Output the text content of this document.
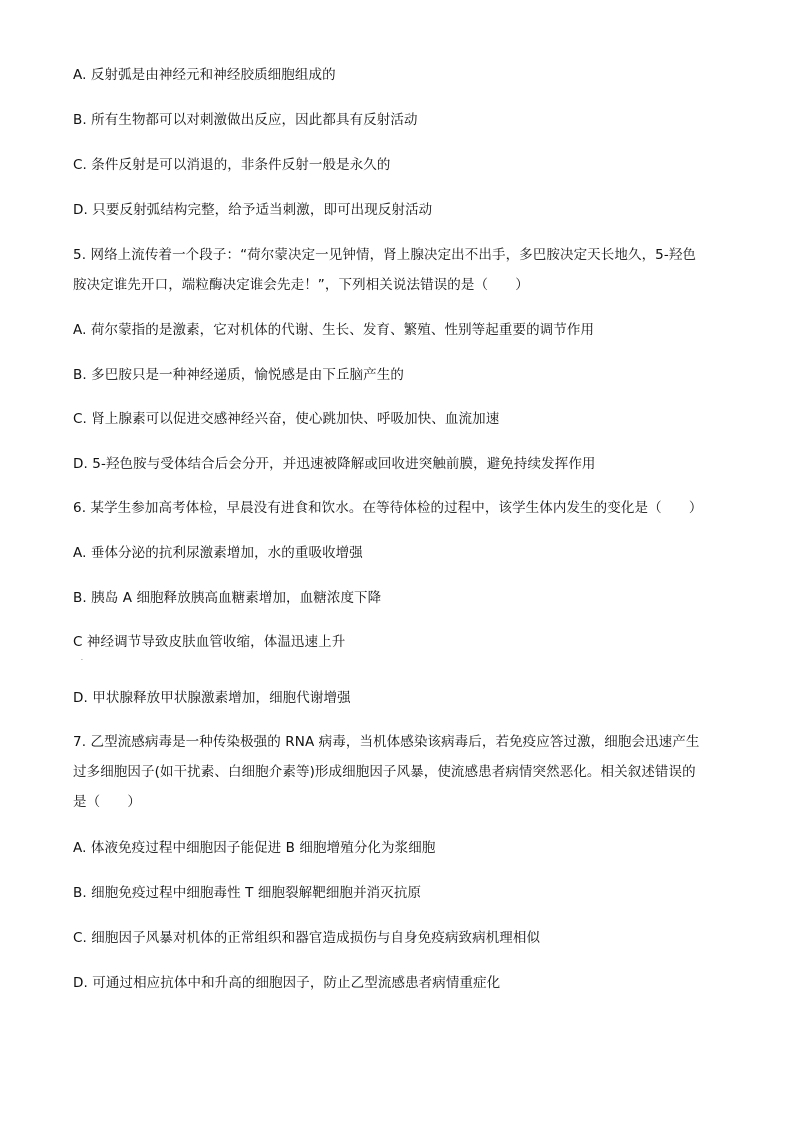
A. 反射弧是由神经元和神经胶质细胞组成的
B. 所有生物都可以对刺激做出反应，因此都具有反射活动
C. 条件反射是可以消退的，非条件反射一般是永久的
D. 只要反射弧结构完整，给予适当刺激，即可出现反射活动
5. 网络上流传着一个段子：“荷尔蒙决定一见钟情，肾上腺决定出不出手，多巴胺决定天长地久，5-羟色
胺决定谁先开口，端粒酶决定谁会先走！”，下列相关说法错误的是（　　）
A. 荷尔蒙指的是激素，它对机体的代谢、生长、发育、繁殖、性别等起重要的调节作用
B. 多巴胺只是一种神经递质，愉悦感是由下丘脑产生的
C. 肾上腺素可以促进交感神经兴奋，使心跳加快、呼吸加快、血流加速
D. 5-羟色胺与受体结合后会分开，并迅速被降解或回收进突触前膜，避免持续发挥作用
6. 某学生参加高考体检，早晨没有进食和饮水。在等待体检的过程中，该学生体内发生的变化是（　　）
A. 垂体分泌的抗利尿激素增加，水的重吸收增强
B. 胰岛 A 细胞释放胰高血糖素增加，血糖浓度下降
C 神经调节导致皮肤血管收缩，体温迅速上升
.
D. 甲状腺释放甲状腺激素增加，细胞代谢增强
7. 乙型流感病毒是一种传染极强的 RNA 病毒，当机体感染该病毒后，若免疫应答过激，细胞会迅速产生
过多细胞因子(如干扰素、白细胞介素等)形成细胞因子风暴，使流感患者病情突然恶化。相关叙述错误的
是（　　）
A. 体液免疫过程中细胞因子能促进 B 细胞增殖分化为浆细胞
B. 细胞免疫过程中细胞毒性 T 细胞裂解靶细胞并消灭抗原
C. 细胞因子风暴对机体的正常组织和器官造成损伤与自身免疫病致病机理相似
D. 可通过相应抗体中和升高的细胞因子，防止乙型流感患者病情重症化
